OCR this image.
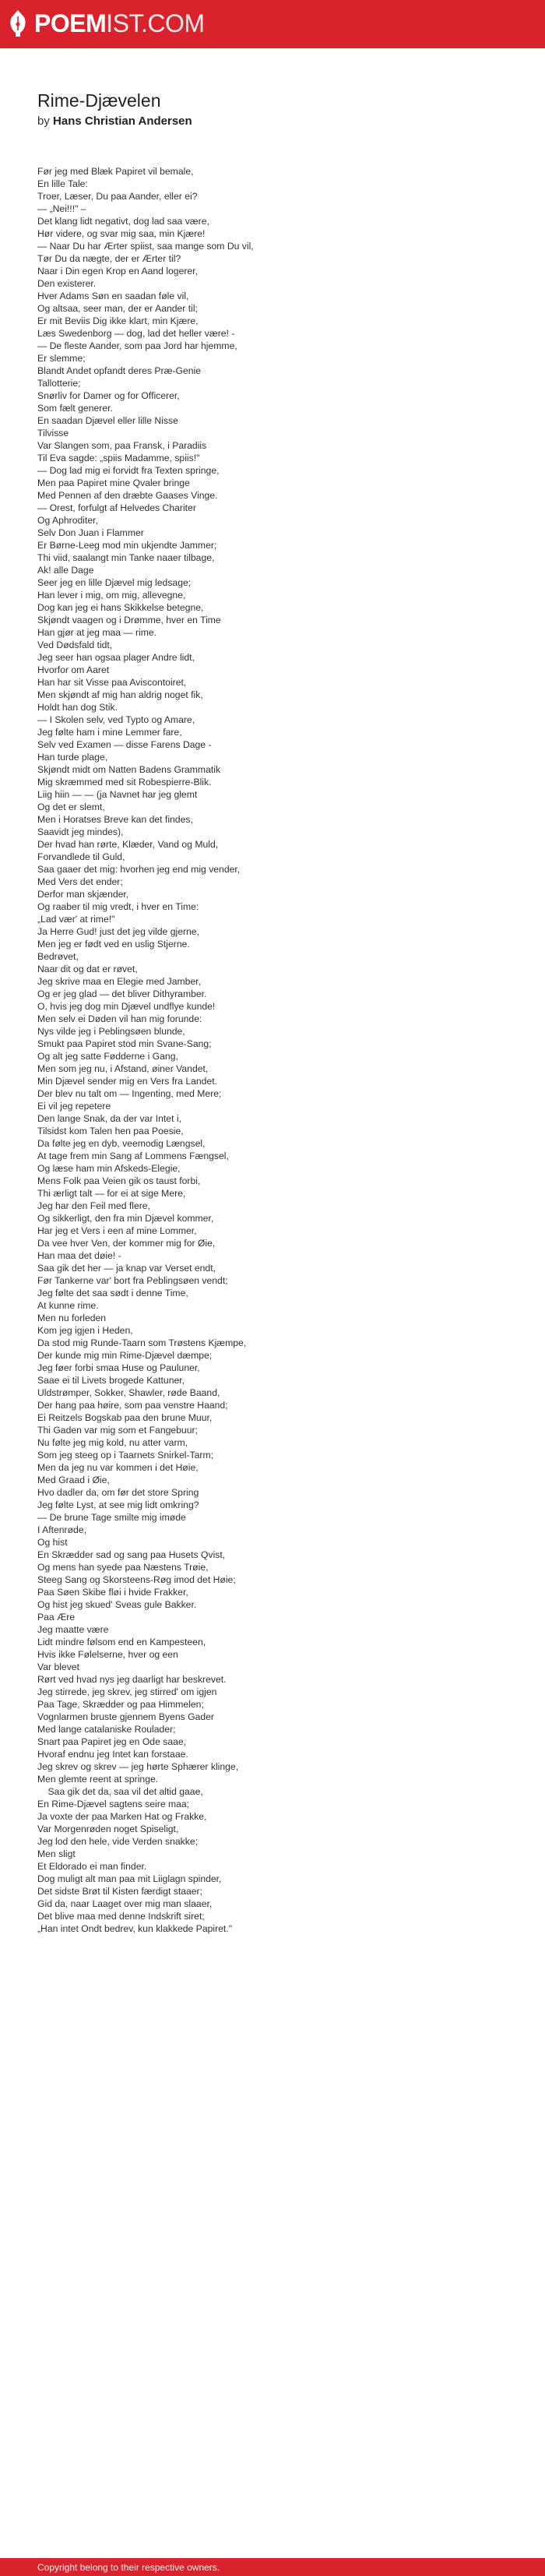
POEMIST.COM
Rime-Djævelen
by Hans Christian Andersen
Før jeg med Blæk Papiret vil bemale,
En lille Tale:
Troer, Læser, Du paa Aander, eller ei?
— „Nei!!!" –
Det klang lidt negativt, dog lad saa være,
Hør videre, og svar mig saa, min Kjære!
— Naar Du har Ærter spiist, saa mange som Du vil,
Tør Du da nægte, der er Ærter til?
Naar i Din egen Krop en Aand logerer,
Den existerer.
Hver Adams Søn en saadan føle vil,
Og altsaa, seer man, der er Aander til;
Er mit Beviis Dig ikke klart, min Kjære,
Læs Swedenborg — dog, lad det heller være! -
— De fleste Aander, som paa Jord har hjemme,
Er slemme;
Blandt Andet opfandt deres Præ-Genie
Tallotterie;
Snørliv for Damer og for Officerer,
Som fælt generer.
En saadan Djævel eller lille Nisse
Tilvisse
Var Slangen som, paa Fransk, i Paradiis
Til Eva sagde: „spiis Madamme, spiis!"
— Dog lad mig ei forvidt fra Texten springe,
Men paa Papiret mine Qvaler bringe
Med Pennen af den dræbte Gaases Vinge.
— Orest, forfulgt af Helvedes Chariter
Og Aphroditer,
Selv Don Juan i Flammer
Er Børne-Leeg mod min ukjendte Jammer;
Thi viid, saalangt min Tanke naaer tilbage,
Ak! alle Dage
Seer jeg en lille Djævel mig ledsage;
Han lever i mig, om mig, allevegne,
Dog kan jeg ei hans Skikkelse betegne,
Skjøndt vaagen og i Drømme, hver en Time
Han gjør at jeg maa — rime.
Ved Dødsfald tidt,
Jeg seer han ogsaa plager Andre lidt,
Hvorfor om Aaret
Han har sit Visse paa Aviscontoiret,
Men skjøndt af mig han aldrig noget fik,
Holdt han dog Stik.
— I Skolen selv, ved Typto og Amare,
Jeg følte ham i mine Lemmer fare,
Selv ved Examen — disse Farens Dage -
Han turde plage,
Skjøndt midt om Natten Badens Grammatik
Mig skræmmed med sit Robespierre-Blik.
Liig hiin — — (ja Navnet har jeg glemt
Og det er slemt,
Men i Horatses Breve kan det findes,
Saavidt jeg mindes),
Der hvad han rørte, Klæder, Vand og Muld,
Forvandlede til Guld,
Saa gaaer det mig: hvorhen jeg end mig vender,
Med Vers det ender;
Derfor man skjænder,
Og raaber til mig vredt, i hver en Time:
„Lad vær' at rime!"
Ja Herre Gud! just det jeg vilde gjerne,
Men jeg er født ved en uslig Stjerne.
Bedrøvet,
Naar dit og dat er røvet,
Jeg skrive maa en Elegie med Jamber,
Og er jeg glad — det bliver Dithyramber.
O, hvis jeg dog min Djævel undflye kunde!
Men selv ei Døden vil han mig forunde:
Nys vilde jeg i Peblingsøen blunde,
Smukt paa Papiret stod min Svane-Sang;
Og alt jeg satte Fødderne i Gang,
Men som jeg nu, i Afstand, øiner Vandet,
Min Djævel sender mig en Vers fra Landet.
Der blev nu talt om — Ingenting, med Mere;
Ei vil jeg repetere
Den lange Snak, da der var Intet i,
Tilsidst kom Talen hen paa Poesie,
Da følte jeg en dyb, veemodig Længsel,
At tage frem min Sang af Lommens Fængsel,
Og læse ham min Afskeds-Elegie,
Mens Folk paa Veien gik os taust forbi,
Thi ærligt talt — for ei at sige Mere,
Jeg har den Feil med flere,
Og sikkerligt, den fra min Djævel kommer,
Har jeg et Vers i een af mine Lommer,
Da vee hver Ven, der kommer mig for Øie,
Han maa det døie! -
Saa gik det her — ja knap var Verset endt,
Før Tankerne var' bort fra Peblingsøen vendt;
Jeg følte det saa sødt i denne Time,
At kunne rime.
Men nu forleden
Kom jeg igjen i Heden,
Da stod mig Runde-Taarn som Trøstens Kjæmpe,
Der kunde mig min Rime-Djævel dæmpe;
Jeg føer forbi smaa Huse og Pauluner,
Saae ei til Livets brogede Kattuner,
Uldstrømper, Sokker, Shawler, røde Baand,
Der hang paa høire, som paa venstre Haand;
Ei Reitzels Bogskab paa den brune Muur,
Thi Gaden var mig som et Fangebuur;
Nu følte jeg mig kold, nu atter varm,
Som jeg steeg op i Taarnets Snirkel-Tarm;
Men da jeg nu var kommen i det Høie,
Med Graad i Øie,
Hvo dadler da, om før det store Spring
Jeg følte Lyst, at see mig lidt omkring?
— De brune Tage smilte mig imøde
I Aftenrøde,
Og hist
En Skrædder sad og sang paa Husets Qvist,
Og mens han syede paa Næstens Trøie,
Steeg Sang og Skorsteens-Røg imod det Høie;
Paa Søen Skibe fløi i hvide Frakker,
Og hist jeg skued' Sveas gule Bakker.
Paa Ære
Jeg maatte være
Lidt mindre følsom end en Kampesteen,
Hvis ikke Følelserne, hver og een
Var blevet
Rørt ved hvad nys jeg daarligt har beskrevet.
Jeg stirrede, jeg skrev, jeg stirred' om igjen
Paa Tage, Skrædder og paa Himmelen;
Vognlarmen bruste gjennem Byens Gader
Med lange catalaniske Roulader;
Snart paa Papiret jeg en Ode saae,
Hvoraf endnu jeg Intet kan forstaae.
Jeg skrev og skrev — jeg hørte Sphærer klinge,
Men glemte reent at springe.
Saa gik det da, saa vil det altid gaae,
En Rime-Djævel sagtens seire maa;
Ja voxte der paa Marken Hat og Frakke,
Var Morgenrøden noget Spiseligt,
Jeg lod den hele, vide Verden snakke;
Men sligt
Et Eldorado ei man finder.
Dog muligt alt man paa mit Liiglagn spinder,
Det sidste Brøt til Kisten færdigt staaer;
Gid da, naar Laaget over mig man slaaer,
Det blive maa med denne Indskrift siret;
„Han intet Ondt bedrev, kun klakkede Papiret."
Copyright belong to their respective owners.
